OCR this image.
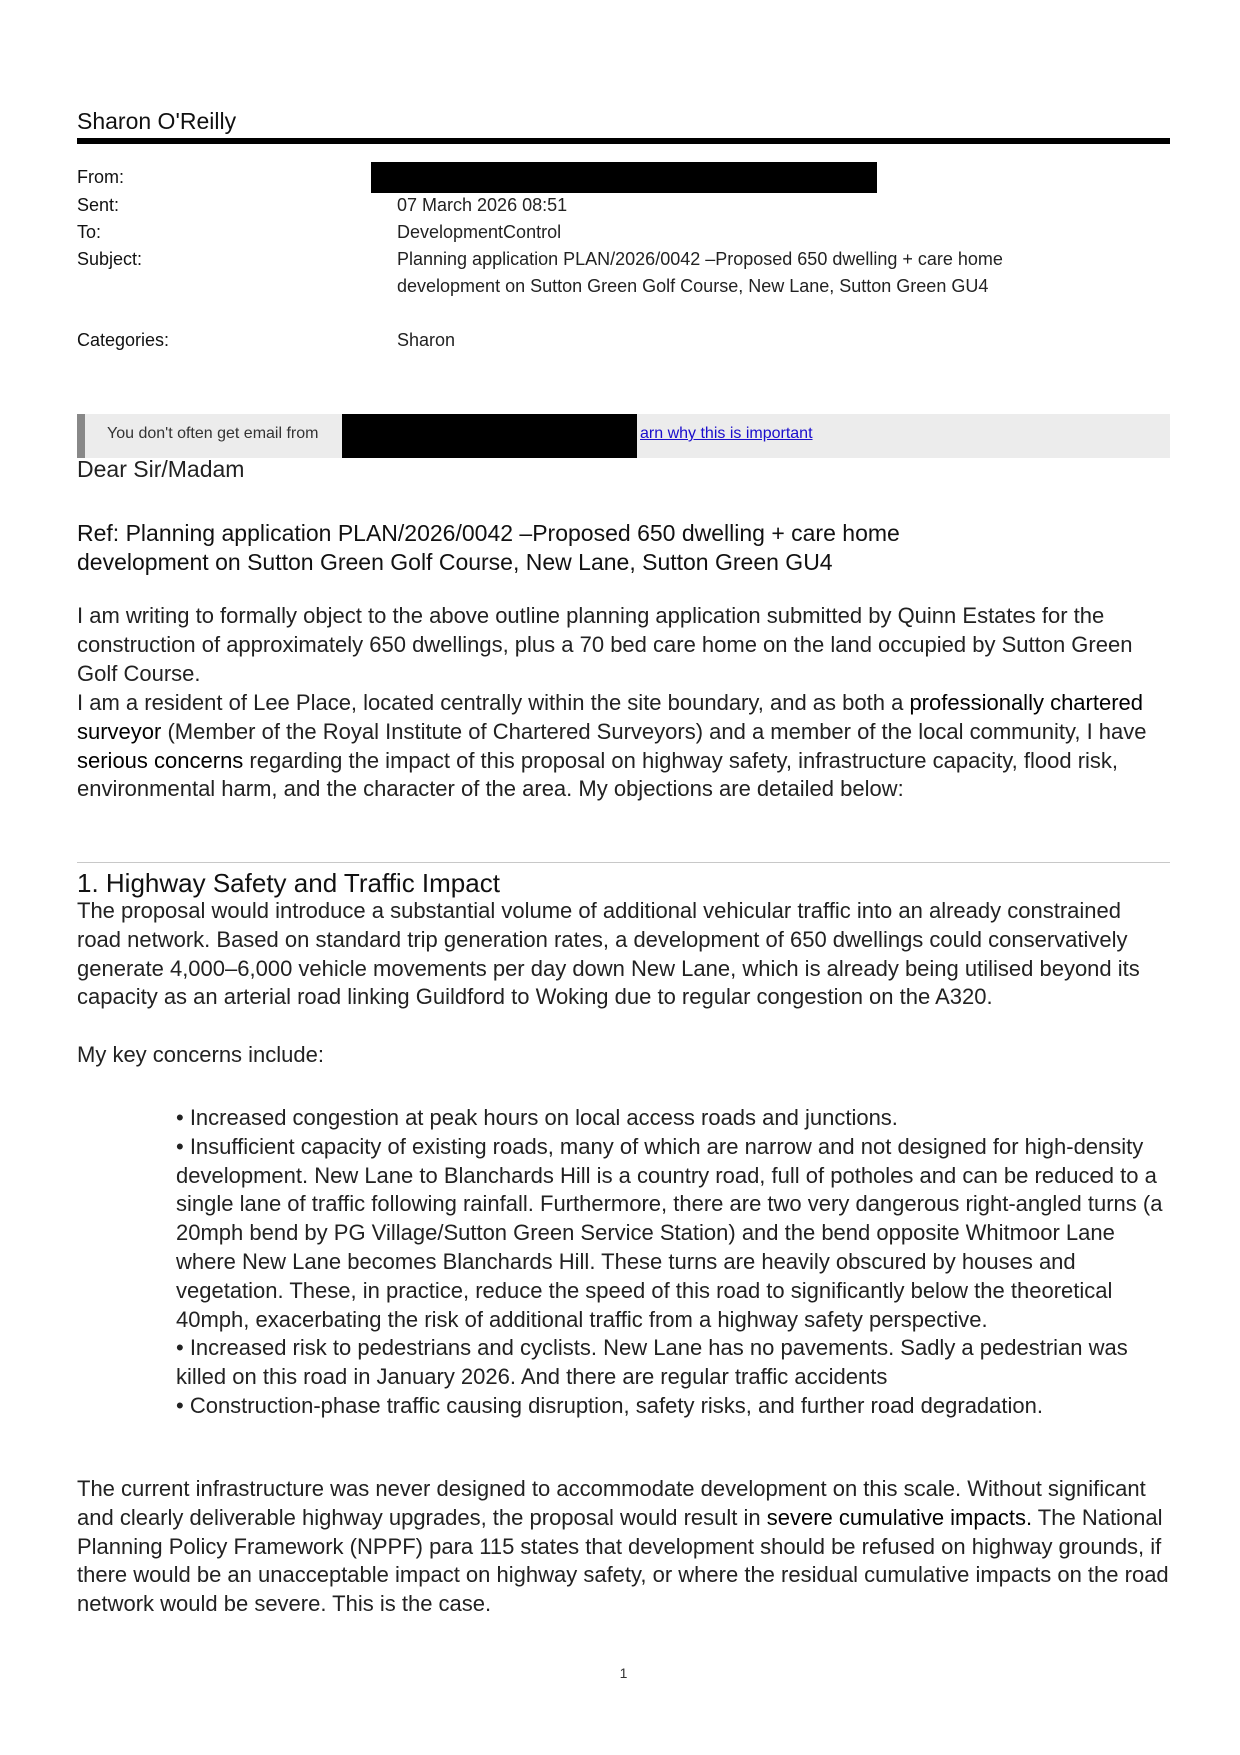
Sharon O'Reilly
From:
Sent:	07 March 2026 08:51
To:	DevelopmentControl
Subject:	Planning application PLAN/2026/0042 –Proposed 650 dwelling + care home
development on Sutton Green Golf Course, New Lane, Sutton Green GU4
Categories:	Sharon
You don't often get email from	arn why this is important
Dear Sir/Madam
Ref: Planning application PLAN/2026/0042 –Proposed 650 dwelling + care home
development on Sutton Green Golf Course, New Lane, Sutton Green GU4

I am writing to formally object to the above outline planning application submitted by Quinn Estates for the construction of approximately 650 dwellings, plus a 70 bed care home on the land occupied by Sutton Green Golf Course.

I am a resident of Lee Place, located centrally within the site boundary, and as both a professionally chartered surveyor (Member of the Royal Institute of Chartered Surveyors) and a member of the local community, I have serious concerns regarding the impact of this proposal on highway safety, infrastructure capacity, flood risk, environmental harm, and the character of the area. My objections are detailed below:

1. Highway Safety and Traffic Impact

The proposal would introduce a substantial volume of additional vehicular traffic into an already constrained road network. Based on standard trip generation rates, a development of 650 dwellings could conservatively generate 4,000–6,000 vehicle movements per day down New Lane, which is already being utilised beyond its capacity as an arterial road linking Guildford to Woking due to regular congestion on the A320.

My key concerns include:

• Increased congestion at peak hours on local access roads and junctions.
• Insufficient capacity of existing roads, many of which are narrow and not designed for high-density development. New Lane to Blanchards Hill is a country road, full of potholes and can be reduced to a single lane of traffic following rainfall. Furthermore, there are two very dangerous right-angled turns (a 20mph bend by PG Village/Sutton Green Service Station) and the bend opposite Whitmoor Lane where New Lane becomes Blanchards Hill. These turns are heavily obscured by houses and vegetation. These, in practice, reduce the speed of this road to significantly below the theoretical 40mph, exacerbating the risk of additional traffic from a highway safety perspective.
• Increased risk to pedestrians and cyclists. New Lane has no pavements. Sadly a pedestrian was killed on this road in January 2026. And there are regular traffic accidents
• Construction-phase traffic causing disruption, safety risks, and further road degradation.

The current infrastructure was never designed to accommodate development on this scale. Without significant and clearly deliverable highway upgrades, the proposal would result in severe cumulative impacts. The National Planning Policy Framework (NPPF) para 115 states that development should be refused on highway grounds, if there would be an unacceptable impact on highway safety, or where the residual cumulative impacts on the road network would be severe. This is the case.

1
